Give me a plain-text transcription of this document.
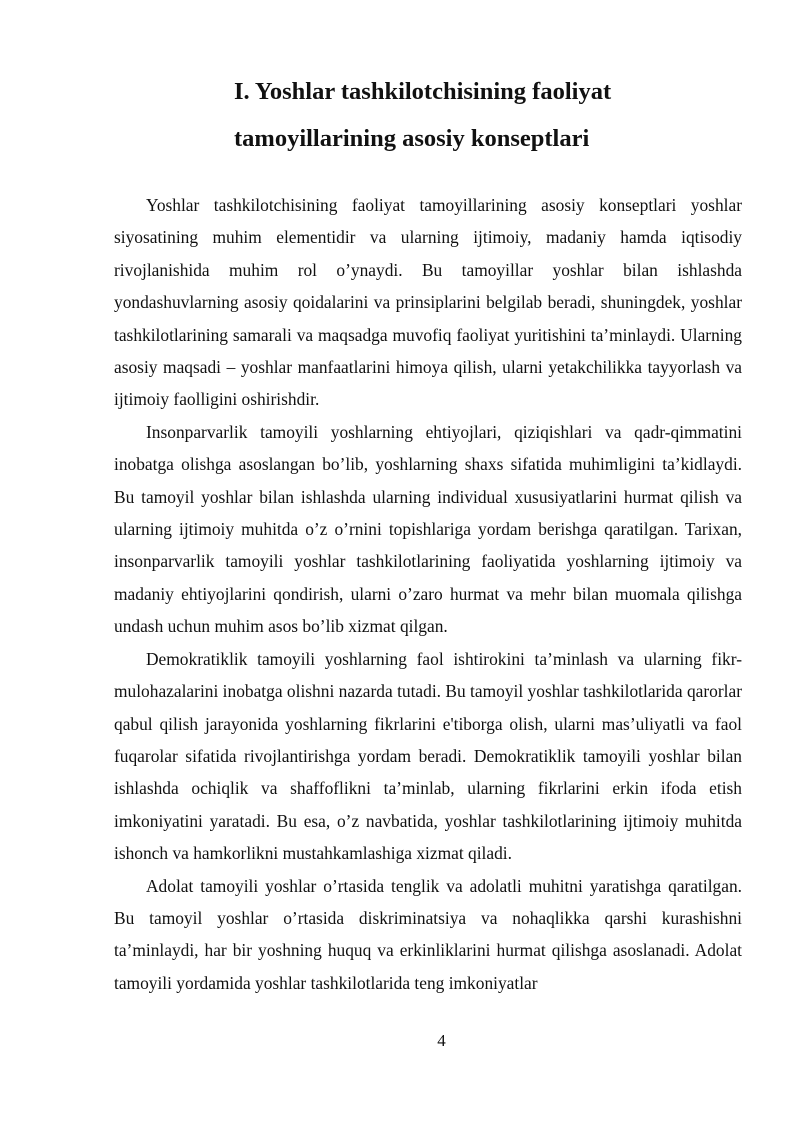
I. Yoshlar tashkilotchisining faoliyat
tamoyillarining asosiy konseptlari

Yoshlar tashkilotchisining faoliyat tamoyillarining asosiy konseptlari yoshlar siyosatining muhim elementidir va ularning ijtimoiy, madaniy hamda iqtisodiy rivojlanishida muhim rol o’ynaydi. Bu tamoyillar yoshlar bilan ishlashda yondashuvlarning asosiy qoidalarini va prinsiplarini belgilab beradi, shuningdek, yoshlar tashkilotlarining samarali va maqsadga muvofiq faoliyat yuritishini ta’minlaydi. Ularning asosiy maqsadi – yoshlar manfaatlarini himoya qilish, ularni yetakchilikka tayyorlash va ijtimoiy faolligini oshirishdir.

Insonparvarlik tamoyili yoshlarning ehtiyojlari, qiziqishlari va qadr-qimmatini inobatga olishga asoslangan bo’lib, yoshlarning shaxs sifatida muhimligini ta’kidlaydi. Bu tamoyil yoshlar bilan ishlashda ularning individual xususiyatlarini hurmat qilish va ularning ijtimoiy muhitda o’z o’rnini topishlariga yordam berishga qaratilgan. Tarixan, insonparvarlik tamoyili yoshlar tashkilotlarining faoliyatida yoshlarning ijtimoiy va madaniy ehtiyojlarini qondirish, ularni o’zaro hurmat va mehr bilan muomala qilishga undash uchun muhim asos bo’lib xizmat qilgan.

Demokratiklik tamoyili yoshlarning faol ishtirokini ta’minlash va ularning fikr-mulohazalarini inobatga olishni nazarda tutadi. Bu tamoyil yoshlar tashkilotlarida qarorlar qabul qilish jarayonida yoshlarning fikrlarini e'tiborga olish, ularni mas’uliyatli va faol fuqarolar sifatida rivojlantirishga yordam beradi. Demokratiklik tamoyili yoshlar bilan ishlashda ochiqlik va shaffoflikni ta’minlab, ularning fikrlarini erkin ifoda etish imkoniyatini yaratadi. Bu esa, o’z navbatida, yoshlar tashkilotlarining ijtimoiy muhitda ishonch va hamkorlikni mustahkamlashiga xizmat qiladi.

Adolat tamoyili yoshlar o’rtasida tenglik va adolatli muhitni yaratishga qaratilgan. Bu tamoyil yoshlar o’rtasida diskriminatsiya va nohaqlikka qarshi kurashishni ta’minlaydi, har bir yoshning huquq va erkinliklarini hurmat qilishga asoslanadi. Adolat tamoyili yordamida yoshlar tashkilotlarida teng imkoniyatlar

4
